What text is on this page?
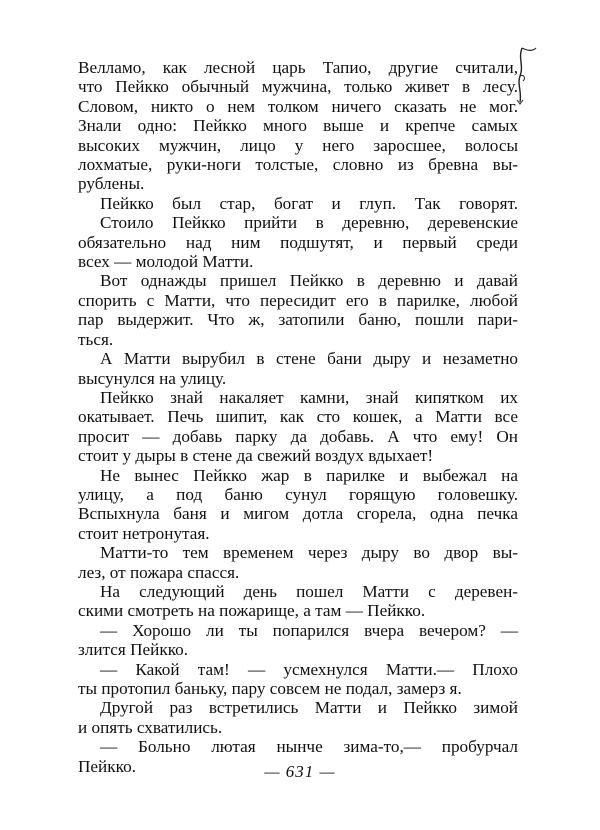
Велламо, как лесной царь Тапио, другие считали,
что Пейкко обычный мужчина, только живет в лесу.
Словом, никто о нем толком ничего сказать не мог.
Знали одно: Пейкко много выше и крепче самых
высоких мужчин, лицо у него заросшее, волосы
лохматые, руки-ноги толстые, словно из бревна вы-
рублены.
Пейкко был стар, богат и глуп. Так говорят.
Стоило Пейкко прийти в деревню, деревенские
обязательно над ним подшутят, и первый среди
всех — молодой Матти.
Вот однажды пришел Пейкко в деревню и давай
спорить с Матти, что пересидит его в парилке, любой
пар выдержит. Что ж, затопили баню, пошли пари-
ться.
А Матти вырубил в стене бани дыру и незаметно
высунулся на улицу.
Пейкко знай накаляет камни, знай кипятком их
окатывает. Печь шипит, как сто кошек, а Матти все
просит — добавь парку да добавь. А что ему! Он
стоит у дыры в стене да свежий воздух вдыхает!
Не вынес Пейкко жар в парилке и выбежал на
улицу, а под баню сунул горящую головешку.
Вспыхнула баня и мигом дотла сгорела, одна печка
стоит нетронутая.
Матти-то тем временем через дыру во двор вы-
лез, от пожара спасся.
На следующий день пошел Матти с деревен-
скими смотреть на пожарище, а там — Пейкко.
— Хорошо ли ты попарился вчера вечером? —
злится Пейкко.
— Какой там! — усмехнулся Матти.— Плохо
ты протопил баньку, пару совсем не подал, замерз я.
Другой раз встретились Матти и Пейкко зимой
и опять схватились.
— Больно лютая нынче зима-то,— пробурчал
Пейкко.	— 631 —
